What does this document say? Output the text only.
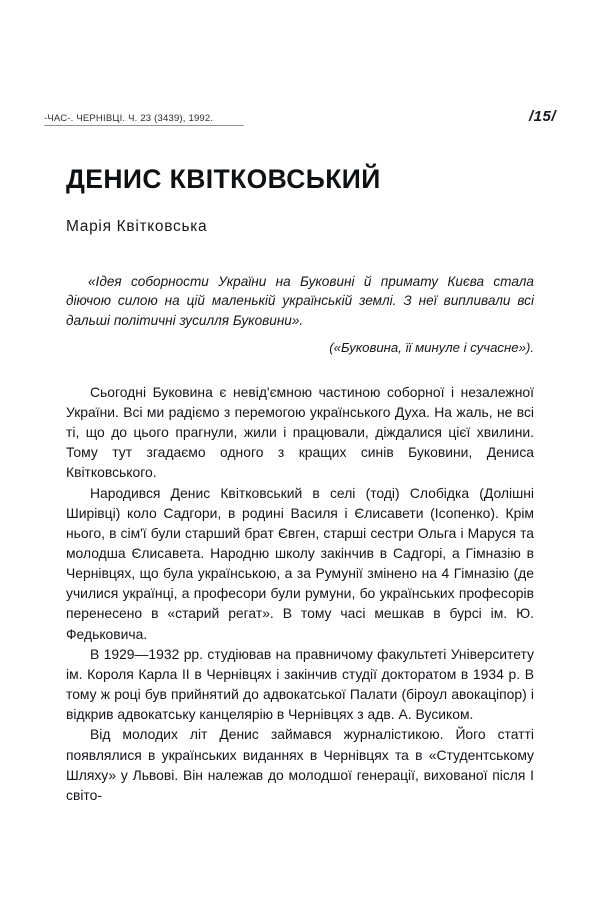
-ЧАС-. ЧЕРНІВЦІ. Ч. 23 (3439), 1992.	/15/
ДЕНИС КВІТКОВСЬКИЙ
Марія Квітковська

«Ідея соборности України на Буковині й примату Києва стала діючою силою на цій маленькій українській землі. З неї випливали всі дальші політичні зусилля Буковини».

(«Буковина, її минуле і сучасне»).

Сьогодні Буковина є невід'ємною частиною соборної і незалежної України. Всі ми радіємо з перемогою українського Духа. На жаль, не всі ті, що до цього прагнули, жили і працювали, діждалися цієї хвилини. Тому тут згадаємо одного з кращих синів Буковини, Дениса Квітковського.

Народився Денис Квітковський в селі (тоді) Слобідка (Долішні Ширівці) коло Садгори, в родині Василя і Єлисавети (Ісопенко). Крім нього, в сім'ї були старший брат Євген, старші сестри Ольга і Маруся та молодша Єлисавета. Народню школу закінчив в Садгорі, а Гімназію в Чернівцях, що була українською, а за Румунії змінено на 4 Гімназію (де училися українці, а професори були румуни, бо українських професорів перенесено в «старий регат». В тому часі мешкав в бурсі ім. Ю. Федьковича.

В 1929—1932 рр. студіював на правничому факультеті Університету ім. Короля Карла II в Чернівцях і закінчив студії докторатом в 1934 р. В тому ж році був прийнятий до адвокатської Палати (біроул авокаціпор) і відкрив адвокатську канцелярію в Чернівцях з адв. А. Вусиком.

Від молодих літ Денис займався журналістикою. Його статті появлялися в українських виданнях в Чернівцях та в «Студентському Шляху» у Львові. Він належав до молодшої генерації, вихованої після І світо-
